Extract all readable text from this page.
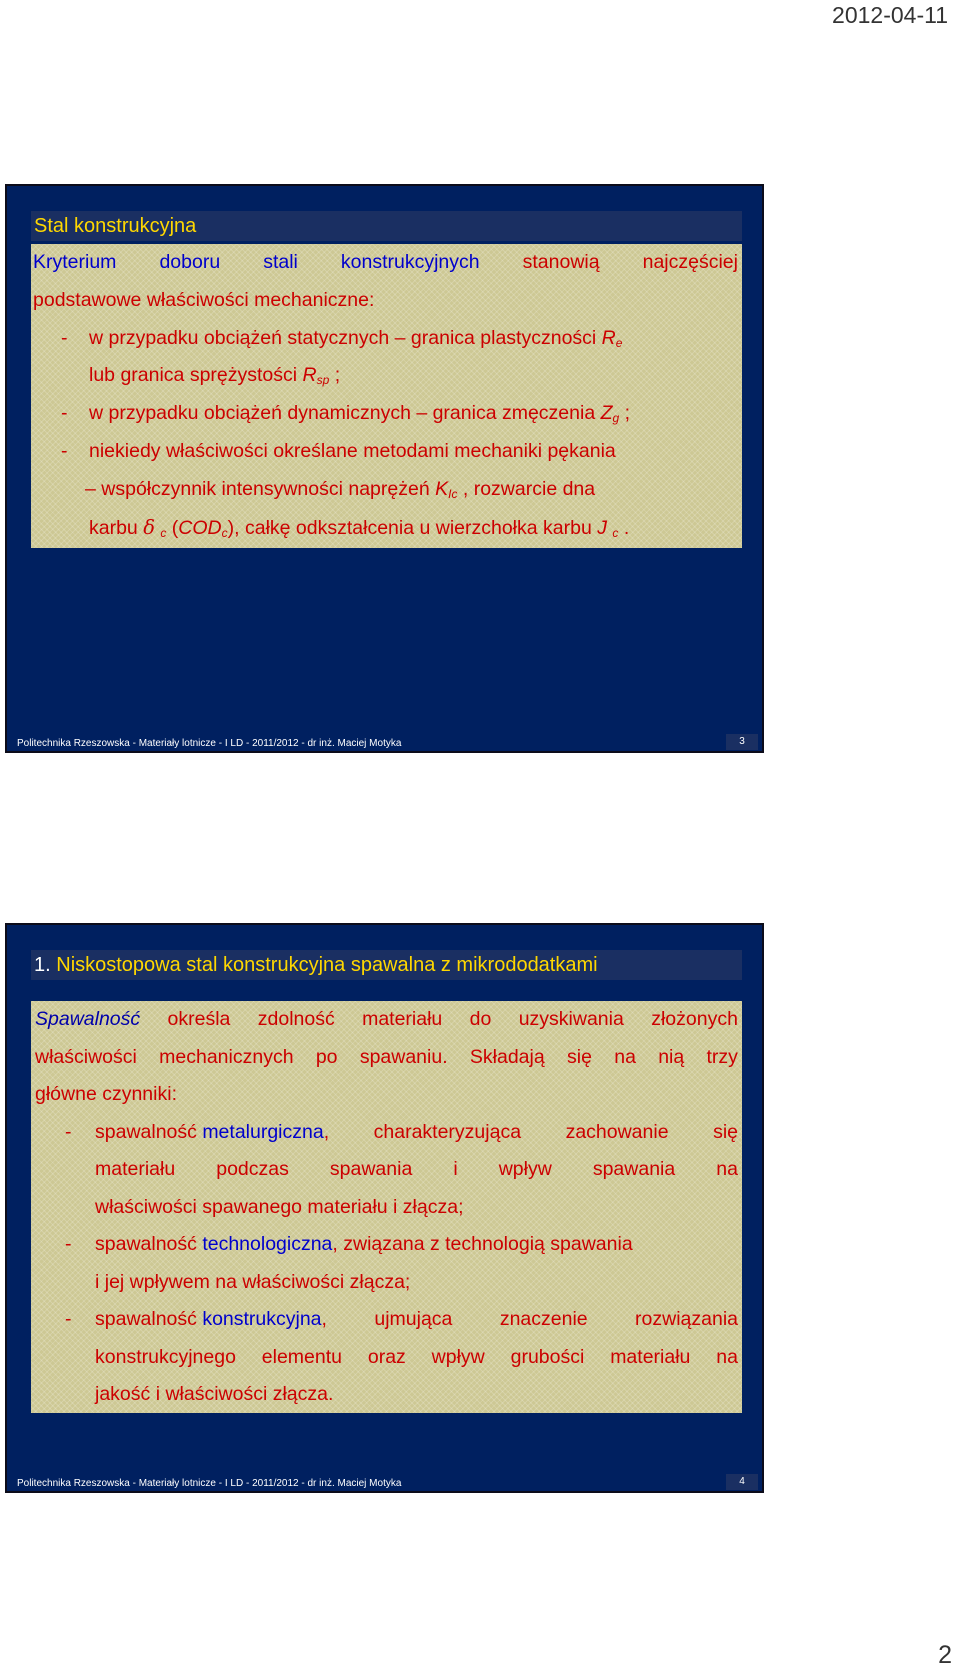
2012-04-11
Stal konstrukcyjna
Kryterium doboru stali konstrukcyjnych stanowią najczęściej
podstawowe właściwości mechaniczne:
- w przypadku obciążeń statycznych – granica plastyczności $R_e$
lub granica sprężystości $R_{sp}$ ;
- w przypadku obciążeń dynamicznych – granica zmęczenia $Z_g$ ;
- niekiedy właściwości określane metodami mechaniki pękania
– współczynnik intensywności naprężeń $K_{Ic}$ , rozwarcie dna
karbu δ $_c$ $(COD_c)$, całkę odkształcenia u wierzchołka karbu J $_c$ .
Politechnika Rzeszowska - Materiały lotnicze - I LD - 2011/2012 - dr inż. Maciej Motyka	3
1. Niskostopowa stal konstrukcyjna spawalna z mikrododatkami
Spawalność określa zdolność materiału do uzyskiwania złożonych
właściwości mechanicznych po spawaniu. Składają się na nią trzy
główne czynniki:
- spawalność metalurgiczna, charakteryzująca zachowanie się
materiału podczas spawania i wpływ spawania na
właściwości spawanego materiału i złącza;
- spawalność technologiczna, związana z technologią spawania
i jej wpływem na właściwości złącza;
- spawalność konstrukcyjna, ujmująca znaczenie rozwiązania
konstrukcyjnego elementu oraz wpływ grubości materiału na
jakość i właściwości złącza.
Politechnika Rzeszowska - Materiały lotnicze - I LD - 2011/2012 - dr inż. Maciej Motyka	4
2
